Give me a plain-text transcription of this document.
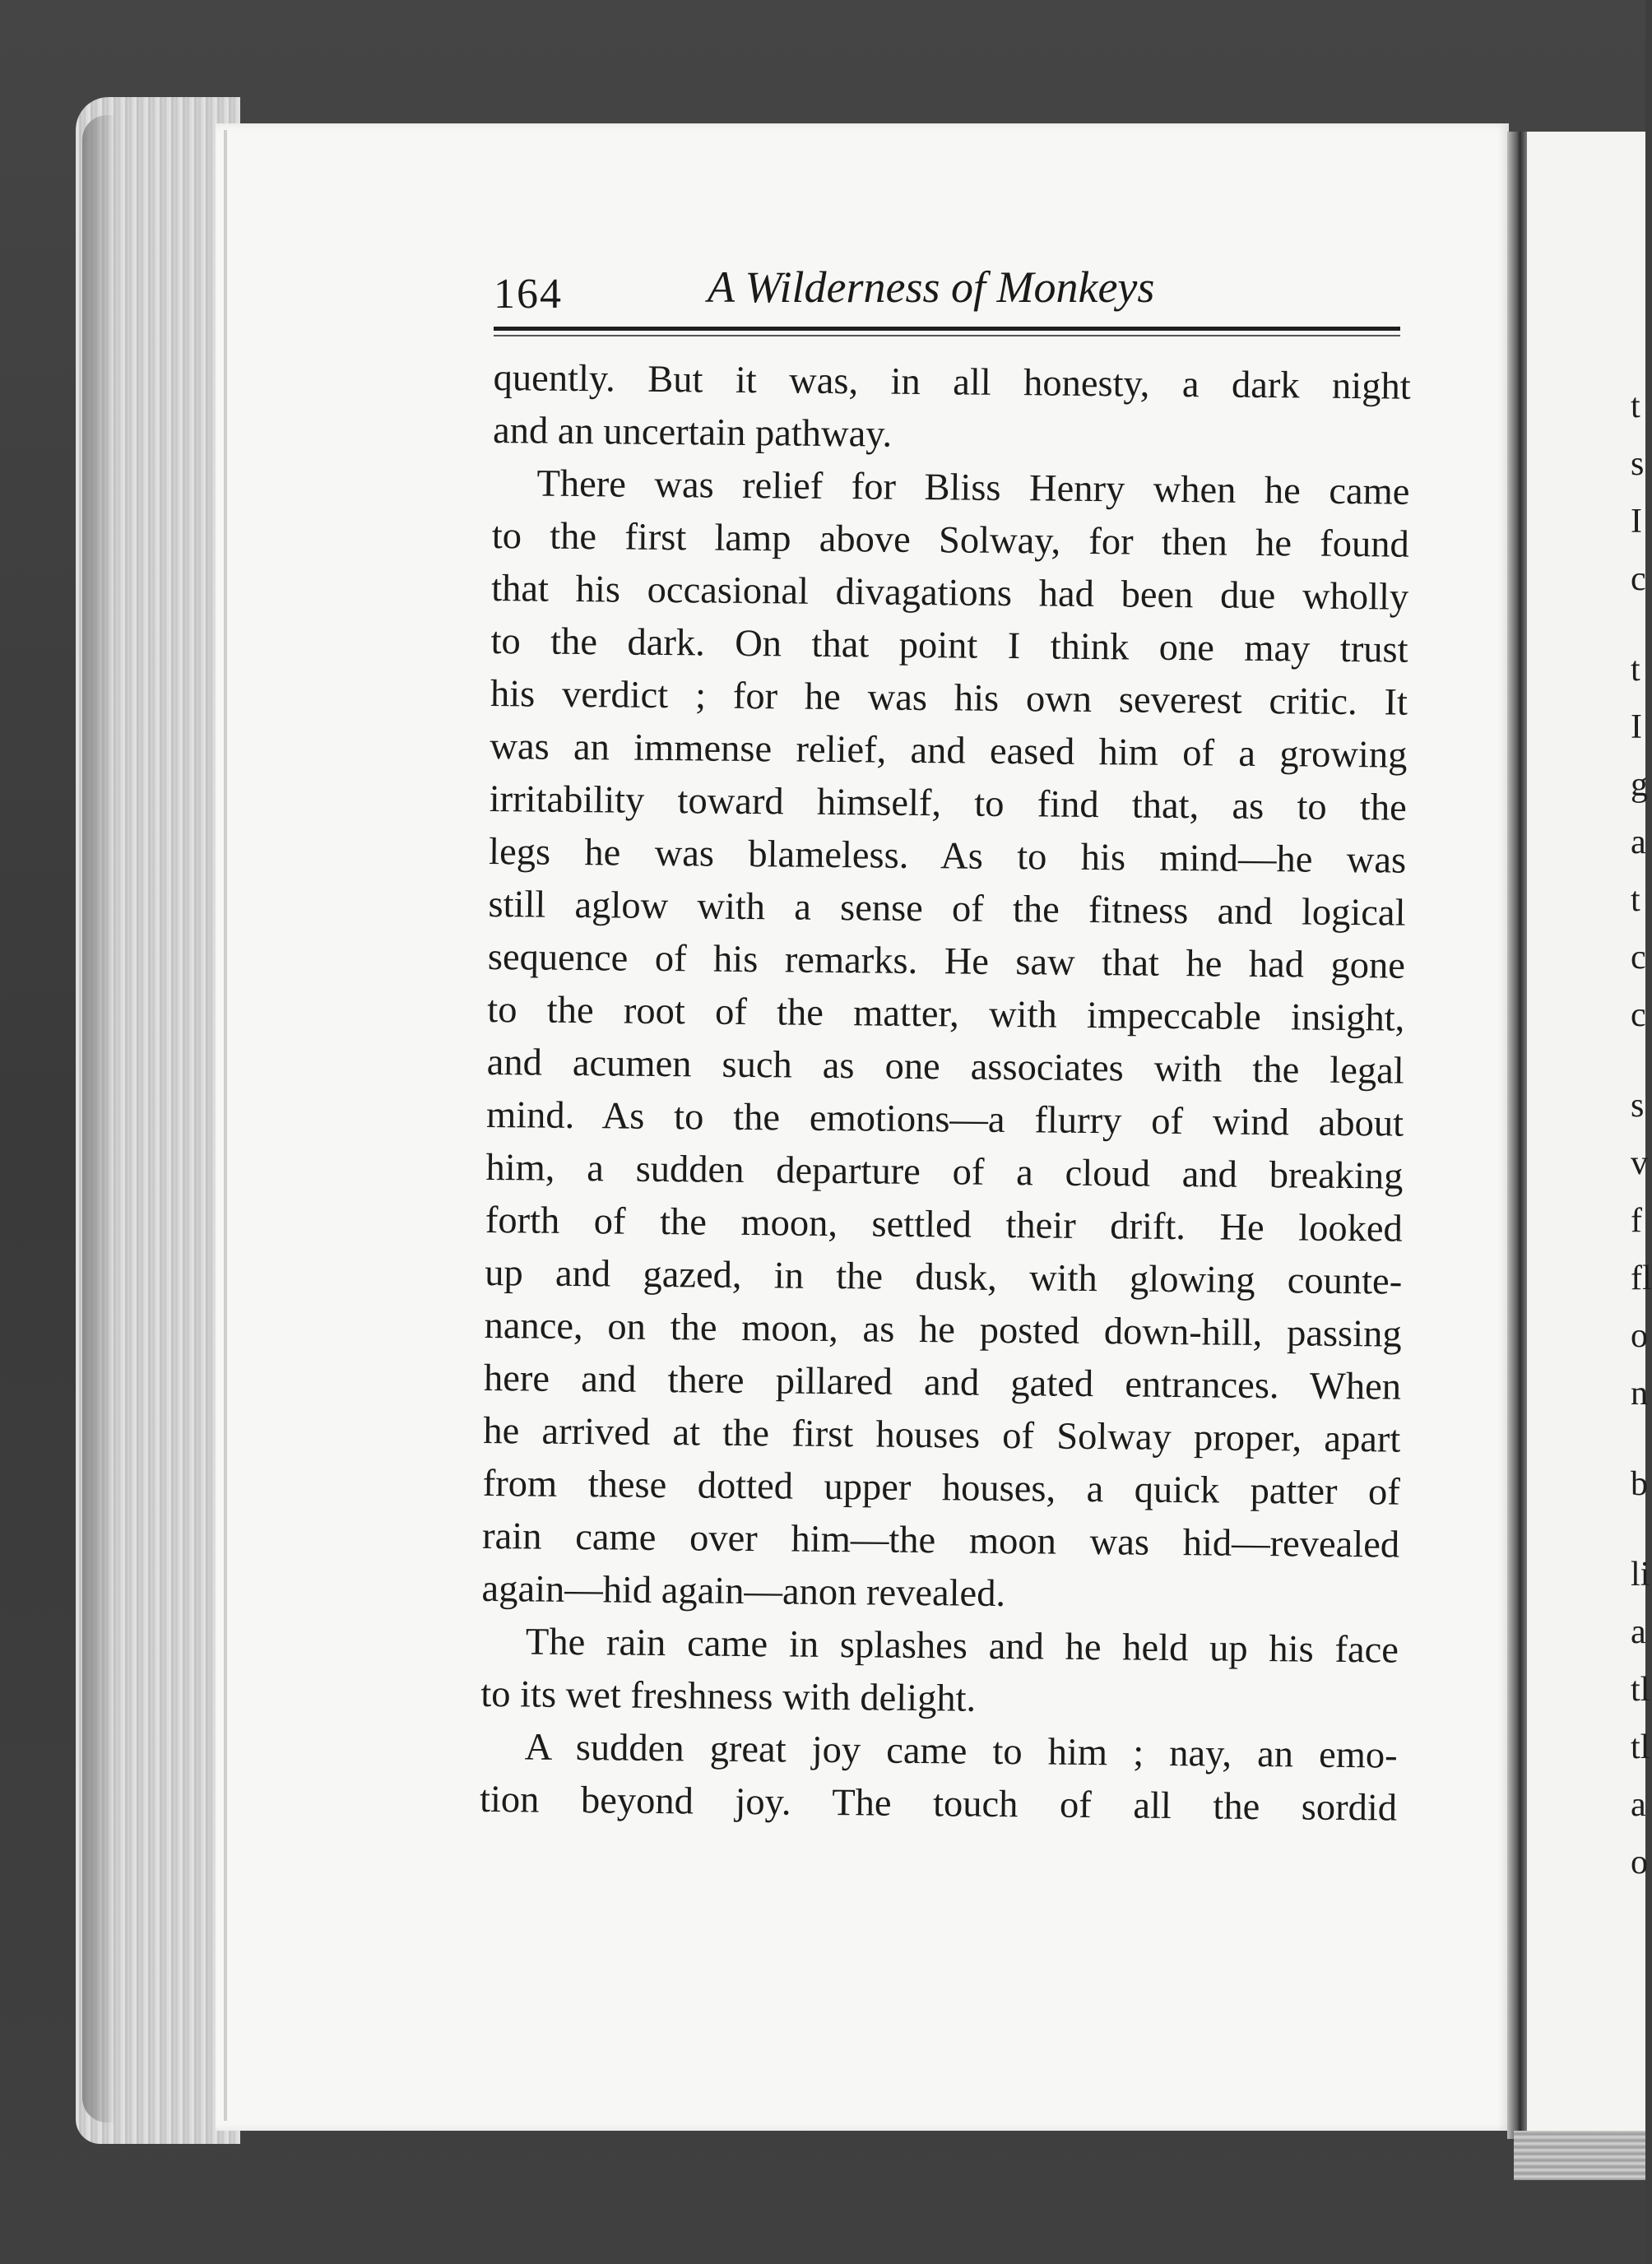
t
s
I
c
t
I
g
a
t
c
c
s
v
f
fl
o
n
b
li
a
tl
tl
a
o
164	A Wilderness of Monkeys
quently. But it was, in all honesty, a dark night
and an uncertain pathway.
There was relief for Bliss Henry when he came
to the first lamp above Solway, for then he found
that his occasional divagations had been due wholly
to the dark. On that point I think one may trust
his verdict ; for he was his own severest critic. It
was an immense relief, and eased him of a growing
irritability toward himself, to find that, as to the
legs he was blameless. As to his mind—he was
still aglow with a sense of the fitness and logical
sequence of his remarks. He saw that he had gone
to the root of the matter, with impeccable insight,
and acumen such as one associates with the legal
mind. As to the emotions—a flurry of wind about
him, a sudden departure of a cloud and breaking
forth of the moon, settled their drift. He looked
up and gazed, in the dusk, with glowing counte-
nance, on the moon, as he posted down-hill, passing
here and there pillared and gated entrances. When
he arrived at the first houses of Solway proper, apart
from these dotted upper houses, a quick patter of
rain came over him—the moon was hid—revealed
again—hid again—anon revealed.
The rain came in splashes and he held up his face
to its wet freshness with delight.
A sudden great joy came to him ; nay, an emo-
tion beyond joy. The touch of all the sordid
